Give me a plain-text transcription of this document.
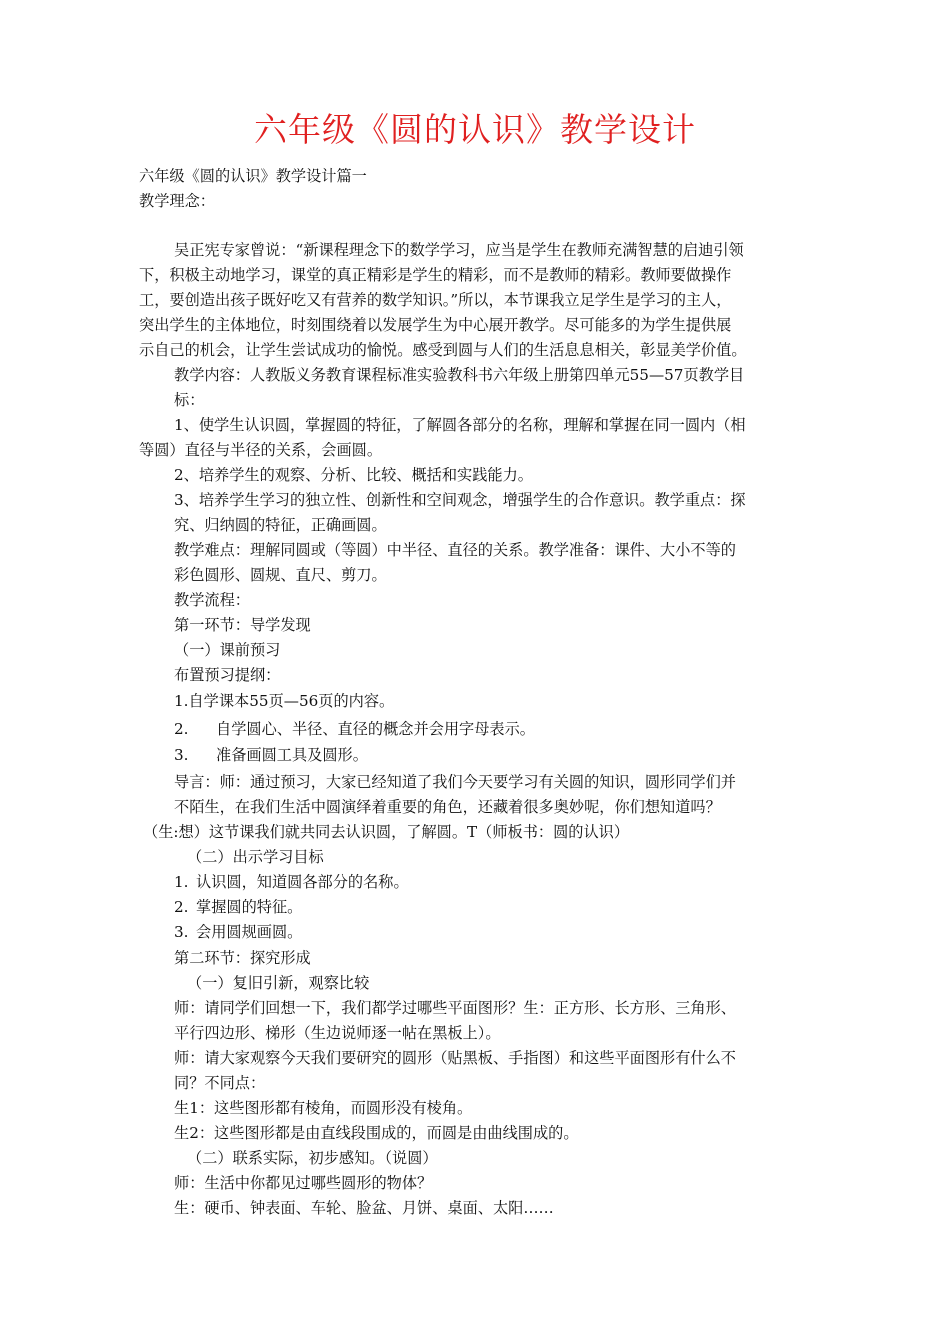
六年级《圆的认识》教学设计
六年级《圆的认识》教学设计篇一
教学理念：
吴正宪专家曾说：“新课程理念下的数学学习，应当是学生在教师充满智慧的启迪引领
下，积极主动地学习，课堂的真正精彩是学生的精彩，而不是教师的精彩。教师要做操作
工，要创造出孩子既好吃又有营养的数学知识。”所以，本节课我立足学生是学习的主人，
突出学生的主体地位，时刻围绕着以发展学生为中心展开教学。尽可能多的为学生提供展
示自己的机会，让学生尝试成功的愉悦。感受到圆与人们的生活息息相关，彰显美学价值。
教学内容：人教版义务教育课程标准实验教科书六年级上册第四单元55—57页教学目
标：
1、使学生认识圆，掌握圆的特征，了解圆各部分的名称，理解和掌握在同一圆内（相
等圆）直径与半径的关系，会画圆。
2、培养学生的观察、分析、比较、概括和实践能力。
3、培养学生学习的独立性、创新性和空间观念，增强学生的合作意识。教学重点：探
究、归纳圆的特征，正确画圆。
教学难点：理解同圆或（等圆）中半径、直径的关系。教学准备：课件、大小不等的
彩色圆形、圆规、直尺、剪刀。
教学流程：
第一环节：导学发现
（一）课前预习
布置预习提纲：
1.自学课本55页—56页的内容。
2. 自学圆心、半径、直径的概念并会用字母表示。
3. 准备画圆工具及圆形。
导言：师：通过预习，大家已经知道了我们今天要学习有关圆的知识，圆形同学们并
不陌生，在我们生活中圆演绎着重要的角色，还藏着很多奥妙呢，你们想知道吗？
（生:想）这节课我们就共同去认识圆，了解圆。T（师板书：圆的认识）
（二）出示学习目标
1. 认识圆，知道圆各部分的名称。
2. 掌握圆的特征。
3. 会用圆规画圆。
第二环节：探究形成
（一）复旧引新，观察比较
师：请同学们回想一下，我们都学过哪些平面图形？生：正方形、长方形、三角形、
平行四边形、梯形（生边说师逐一帖在黑板上）。
师：请大家观察今天我们要研究的圆形（贴黑板、手指图）和这些平面图形有什么不
同？不同点：
生1：这些图形都有棱角，而圆形没有棱角。
生2：这些图形都是由直线段围成的，而圆是由曲线围成的。
（二）联系实际，初步感知。（说圆）
师：生活中你都见过哪些圆形的物体？
生：硬币、钟表面、车轮、脸盆、月饼、桌面、太阳……
